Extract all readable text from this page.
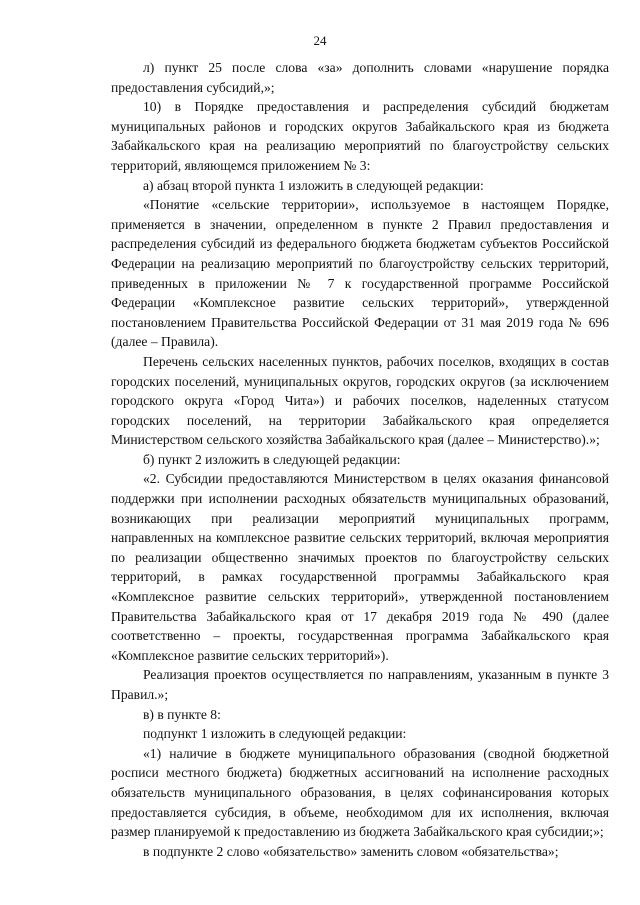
24

л) пункт 25 после слова «за» дополнить словами «нарушение порядка предоставления субсидий,»;

10) в Порядке предоставления и распределения субсидий бюджетам муниципальных районов и городских округов Забайкальского края из бюджета Забайкальского края на реализацию мероприятий по благоустройству сельских территорий, являющемся приложением № 3:

а) абзац второй пункта 1 изложить в следующей редакции:

«Понятие «сельские территории», используемое в настоящем Порядке, применяется в значении, определенном в пункте 2 Правил предоставления и распределения субсидий из федерального бюджета бюджетам субъектов Российской Федерации на реализацию мероприятий по благоустройству сельских территорий, приведенных в приложении № 7 к государственной программе Российской Федерации «Комплексное развитие сельских территорий», утвержденной постановлением Правительства Российской Федерации от 31 мая 2019 года № 696 (далее – Правила).

Перечень сельских населенных пунктов, рабочих поселков, входящих в состав городских поселений, муниципальных округов, городских округов (за исключением городского округа «Город Чита») и рабочих поселков, наделенных статусом городских поселений, на территории Забайкальского края определяется Министерством сельского хозяйства Забайкальского края (далее – Министерство).»;

б) пункт 2 изложить в следующей редакции:

«2. Субсидии предоставляются Министерством в целях оказания финансовой поддержки при исполнении расходных обязательств муниципальных образований, возникающих при реализации мероприятий муниципальных программ, направленных на комплексное развитие сельских территорий, включая мероприятия по реализации общественно значимых проектов по благоустройству сельских территорий, в рамках государственной программы Забайкальского края «Комплексное развитие сельских территорий», утвержденной постановлением Правительства Забайкальского края от 17 декабря 2019 года № 490 (далее соответственно – проекты, государственная программа Забайкальского края «Комплексное развитие сельских территорий»).

Реализация проектов осуществляется по направлениям, указанным в пункте 3 Правил.»;

в) в пункте 8:

подпункт 1 изложить в следующей редакции:

«1) наличие в бюджете муниципального образования (сводной бюджетной росписи местного бюджета) бюджетных ассигнований на исполнение расходных обязательств муниципального образования, в целях софинансирования которых предоставляется субсидия, в объеме, необходимом для их исполнения, включая размер планируемой к предоставлению из бюджета Забайкальского края субсидии;»;

в подпункте 2 слово «обязательство» заменить словом «обязательства»;
